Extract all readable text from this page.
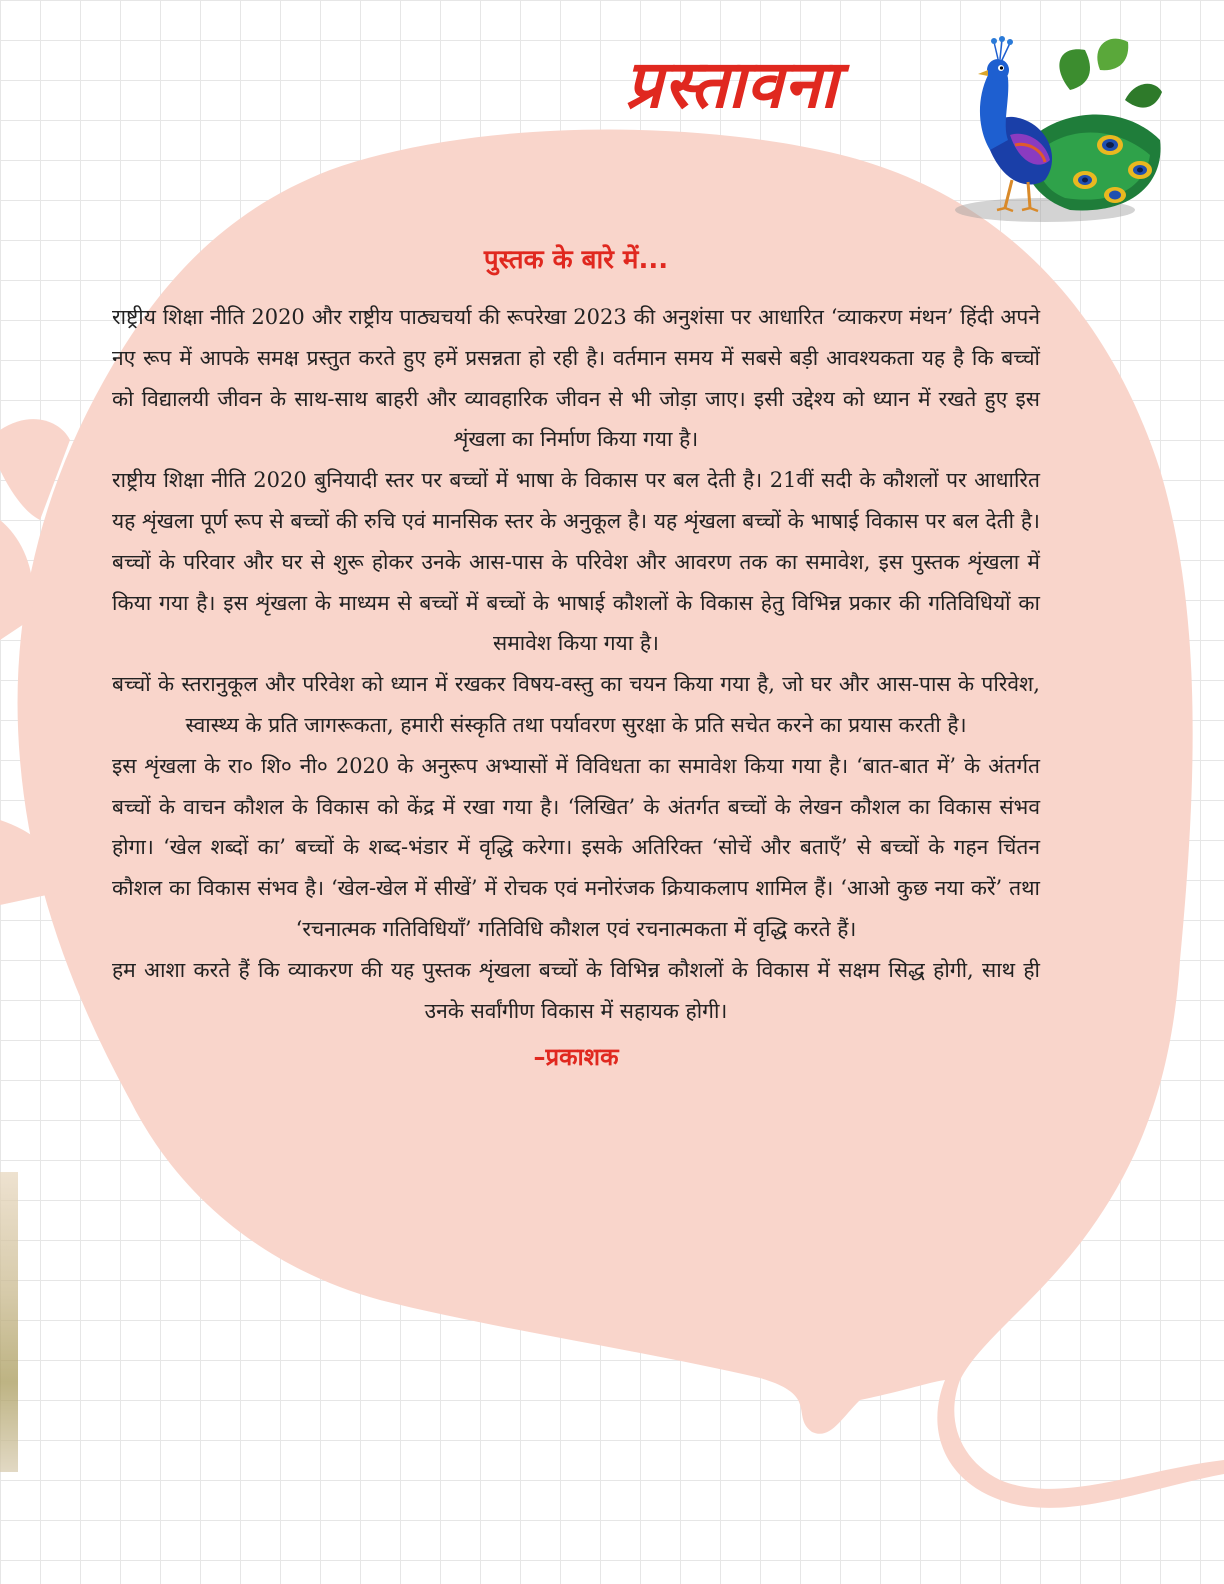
प्रस्तावना
पुस्तक के बारे में...

राष्ट्रीय शिक्षा नीति 2020 और राष्ट्रीय पाठ्यचर्या की रूपरेखा 2023 की अनुशंसा पर आधारित ‘व्याकरण मंथन’ हिंदी अपने नए रूप में आपके समक्ष प्रस्तुत करते हुए हमें प्रसन्नता हो रही है। वर्तमान समय में सबसे बड़ी आवश्यकता यह है कि बच्चों को विद्यालयी जीवन के साथ-साथ बाहरी और व्यावहारिक जीवन से भी जोड़ा जाए। इसी उद्देश्य को ध्यान में रखते हुए इस शृंखला का निर्माण किया गया है।

राष्ट्रीय शिक्षा नीति 2020 बुनियादी स्तर पर बच्चों में भाषा के विकास पर बल देती है। 21वीं सदी के कौशलों पर आधारित यह शृंखला पूर्ण रूप से बच्चों की रुचि एवं मानसिक स्तर के अनुकूल है। यह शृंखला बच्चों के भाषाई विकास पर बल देती है। बच्चों के परिवार और घर से शुरू होकर उनके आस-पास के परिवेश और आवरण तक का समावेश, इस पुस्तक शृंखला में किया गया है। इस शृंखला के माध्यम से बच्चों में बच्चों के भाषाई कौशलों के विकास हेतु विभिन्न प्रकार की गतिविधियों का समावेश किया गया है।

बच्चों के स्तरानुकूल और परिवेश को ध्यान में रखकर विषय-वस्तु का चयन किया गया है, जो घर और आस-पास के परिवेश, स्वास्थ्य के प्रति जागरूकता, हमारी संस्कृति तथा पर्यावरण सुरक्षा के प्रति सचेत करने का प्रयास करती है।

इस शृंखला के रा० शि० नी० 2020 के अनुरूप अभ्यासों में विविधता का समावेश किया गया है। ‘बात-बात में’ के अंतर्गत बच्चों के वाचन कौशल के विकास को केंद्र में रखा गया है। ‘लिखित’ के अंतर्गत बच्चों के लेखन कौशल का विकास संभव होगा। ‘खेल शब्दों का’ बच्चों के शब्द-भंडार में वृद्धि करेगा। इसके अतिरिक्त ‘सोचें और बताएँ’ से बच्चों के गहन चिंतन कौशल का विकास संभव है। ‘खेल-खेल में सीखें’ में रोचक एवं मनोरंजक क्रियाकलाप शामिल हैं। ‘आओ कुछ नया करें’ तथा ‘रचनात्मक गतिविधियाँ’ गतिविधि कौशल एवं रचनात्मकता में वृद्धि करते हैं।

हम आशा करते हैं कि व्याकरण की यह पुस्तक शृंखला बच्चों के विभिन्न कौशलों के विकास में सक्षम सिद्ध होगी, साथ ही उनके सर्वांगीण विकास में सहायक होगी।

–प्रकाशक
